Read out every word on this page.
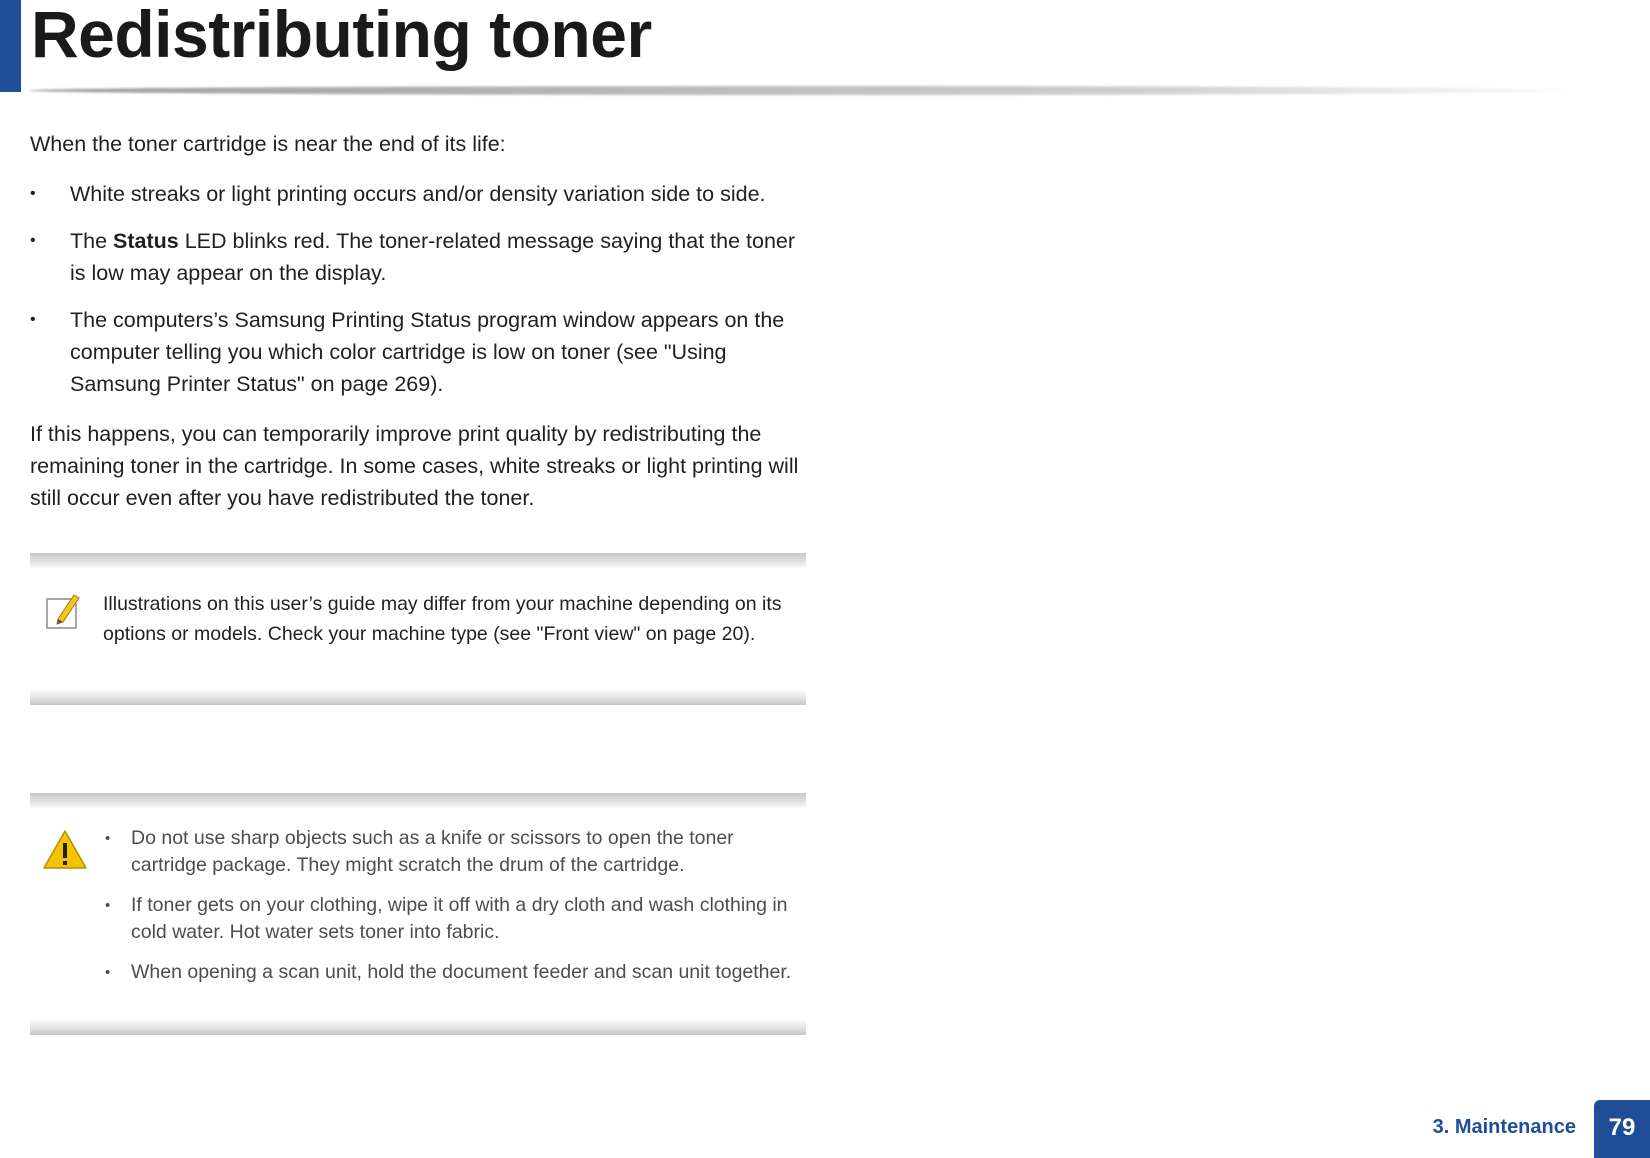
Redistributing toner

When the toner cartridge is near the end of its life:

• White streaks or light printing occurs and/or density variation side to side.
• The Status LED blinks red. The toner-related message saying that the toner is low may appear on the display.
• The computers’s Samsung Printing Status program window appears on the computer telling you which color cartridge is low on toner (see "Using Samsung Printer Status" on page 269).

If this happens, you can temporarily improve print quality by redistributing the remaining toner in the cartridge. In some cases, white streaks or light printing will still occur even after you have redistributed the toner.

Illustrations on this user’s guide may differ from your machine depending on its options or models. Check your machine type (see "Front view" on page 20).
• Do not use sharp objects such as a knife or scissors to open the toner cartridge package. They might scratch the drum of the cartridge.
• If toner gets on your clothing, wipe it off with a dry cloth and wash clothing in cold water. Hot water sets toner into fabric.
• When opening a scan unit, hold the document feeder and scan unit together.
3. Maintenance	79
